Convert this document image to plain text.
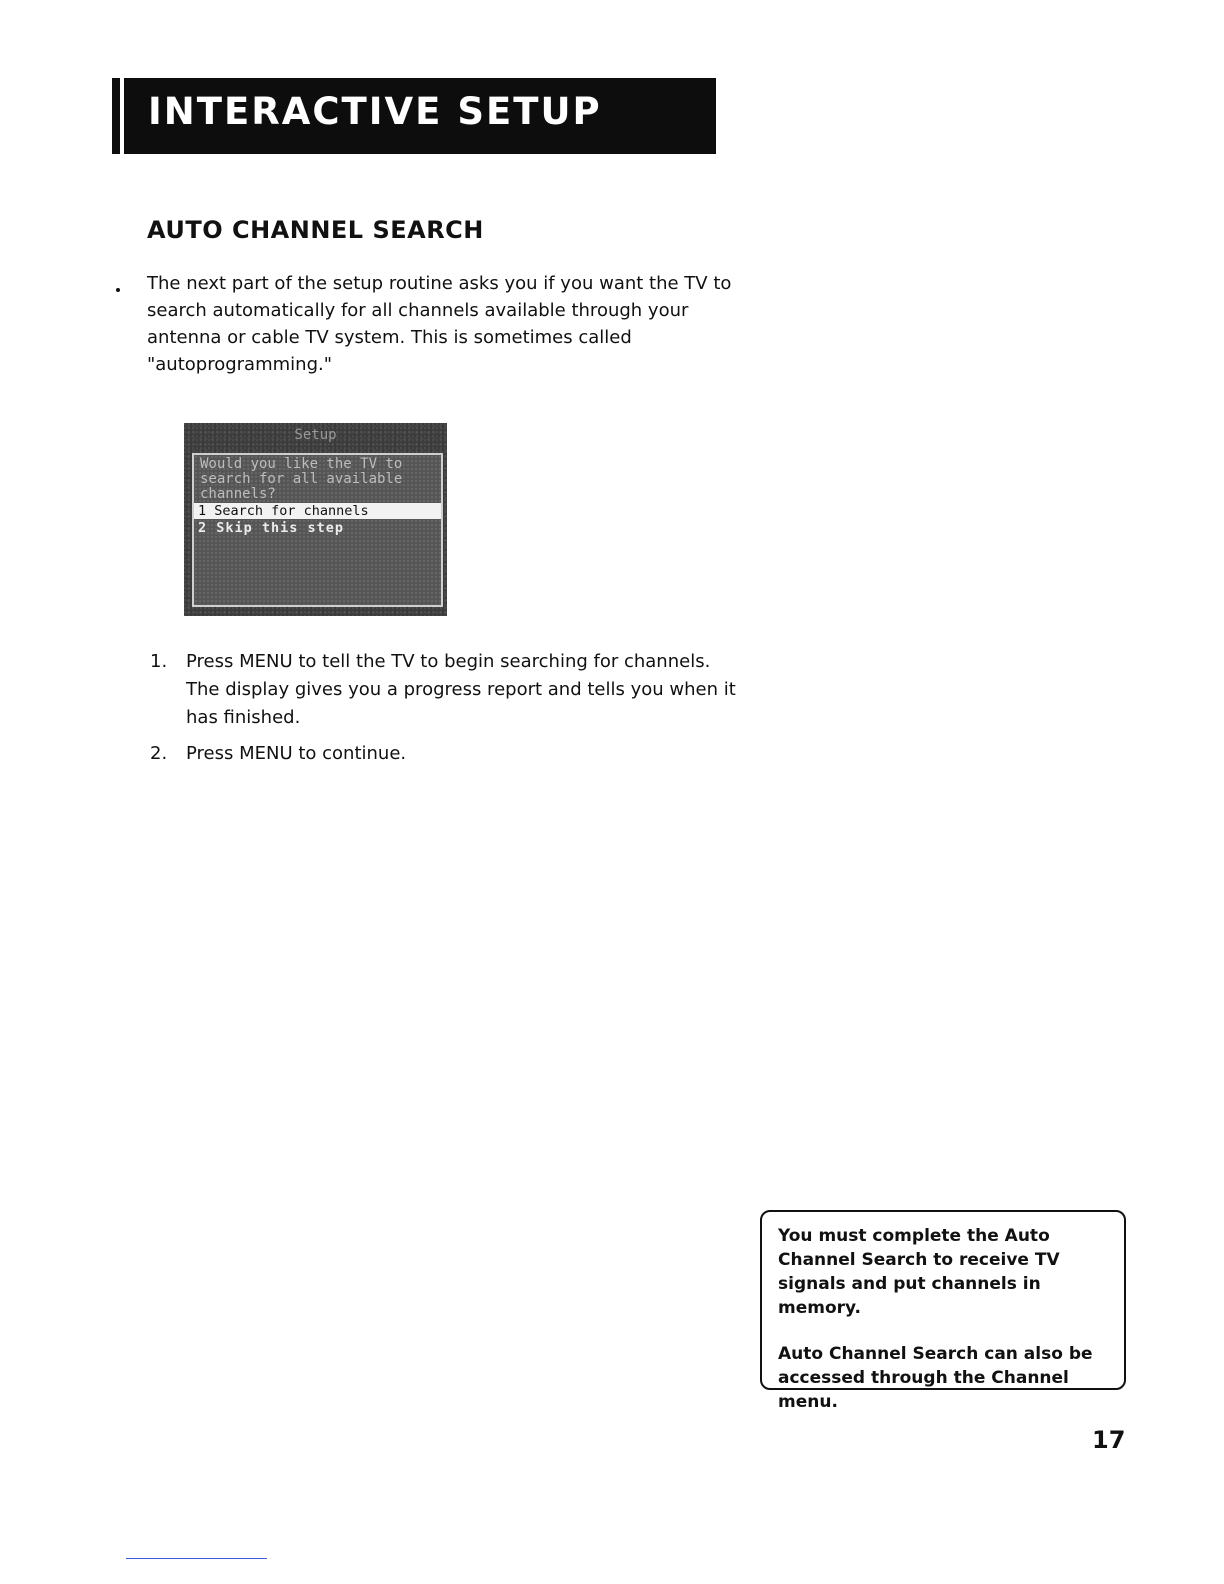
INTERACTIVE SETUP
AUTO CHANNEL SEARCH
The next part of the setup routine asks you if you want the TV to search automatically for all channels available through your antenna or cable TV system. This is sometimes called "autoprogramming."
Setup
Would you like the TV to search for all available channels?
1 Search for channels
2 Skip this step
1. Press MENU to tell the TV to begin searching for channels. The display gives you a progress report and tells you when it has finished.
2. Press MENU to continue.

You must complete the Auto Channel Search to receive TV signals and put channels in memory.

Auto Channel Search can also be accessed through the Channel menu.

17
